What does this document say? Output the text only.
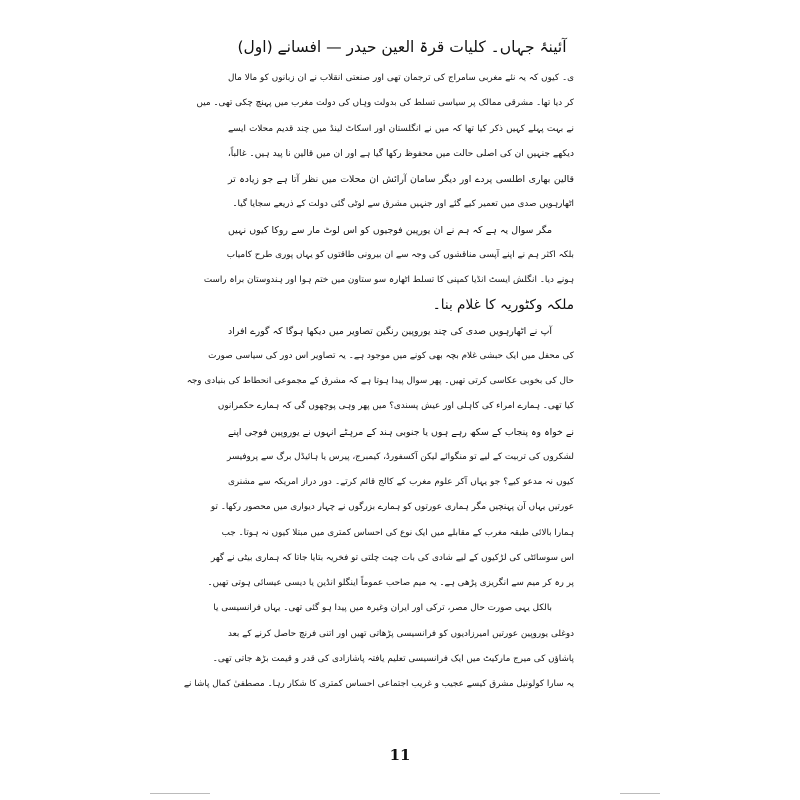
آئینۂ جہاں۔ کلیات قرۃ العین حیدر — افسانے (اول)
ی۔ کیوں کہ یہ نئے مغربی سامراج کی ترجمان تھی اور صنعتی انقلاب نے ان زبانوں کو مالا مال
کر دیا تھا۔ مشرقی ممالک پر سیاسی تسلط کی بدولت وہاں کی دولت مغرب میں پہنچ چکی تھی۔ میں
نے بہت پہلے کہیں ذکر کیا تھا کہ میں نے انگلستان اور اسکاٹ لینڈ میں چند قدیم محلات ایسے
دیکھے جنہیں ان کی اصلی حالت میں محفوظ رکھا گیا ہے اور ان میں قالین نا پید ہیں۔ غالباً،
قالین بھاری اطلسی پردے اور دیگر سامان آرائش ان محلات میں نظر آتا ہے جو زیادہ تر
اٹھارہویں صدی میں تعمیر کیے گئے اور جنہیں مشرق سے لوٹی گئی دولت کے ذریعے سجایا گیا۔
مگر سوال یہ ہے کہ ہم نے ان یورپین فوجیوں کو اس لوٹ مار سے روکا کیوں نہیں
بلکہ اکثر ہم نے اپنے آپسی مناقشوں کی وجہ سے ان بیرونی طاقتوں کو یہاں پوری طرح کامیاب
ہونے دیا۔ انگلش ایسٹ انڈیا کمپنی کا تسلط اٹھارہ سو ستاون میں ختم ہوا اور ہندوستان براہ راست
ملکہ وکٹوریہ کا غلام بنا۔
آپ نے اٹھارہویں صدی کی چند یوروپین رنگین تصاویر میں دیکھا ہوگا کہ گورے افراد
کی محفل میں ایک حبشی غلام بچہ بھی کونے میں موجود ہے۔ یہ تصاویر اس دور کی سیاسی صورت
حال کی بخوبی عکاسی کرتی تھیں۔ پھر سوال پیدا ہوتا ہے کہ مشرق کے مجموعی انحطاط کی بنیادی وجہ
کیا تھی۔ ہمارے امراء کی کاہلی اور عیش پسندی؟ میں پھر وہی پوچھوں گی کہ ہمارے حکمرانوں
نے خواہ وہ پنجاب کے سکھ رہے ہوں یا جنوبی ہند کے مرہٹے انہوں نے یوروپین فوجی اپنے
لشکروں کی تربیت کے لیے تو منگوائے لیکن آکسفورڈ، کیمبرج، پیرس یا ہائیڈل برگ سے پروفیسر
کیوں نہ مدعو کیے؟ جو یہاں آکر علوم مغرب کے کالج قائم کرتے۔ دور دراز امریکہ سے مشنری
عورتیں یہاں آن پہنچیں مگر ہماری عورتوں کو ہمارے بزرگوں نے چہار دیواری میں محصور رکھا۔ تو
ہمارا بالائی طبقہ مغرب کے مقابلے میں ایک نوع کی احساس کمتری میں مبتلا کیوں نہ ہوتا۔ جب
اس سوسائٹی کی لڑکیوں کے لیے شادی کی بات چیت چلتی تو فخریہ بتایا جاتا کہ ہماری بیٹی نے گھر
پر رہ کر میم سے انگریزی پڑھی ہے۔ یہ میم صاحب عموماً اینگلو انڈین یا دیسی عیسائی ہوتی تھیں۔
بالکل یہی صورت حال مصر، ترکی اور ایران وغیرہ میں پیدا ہو گئی تھی۔ یہاں فرانسیسی یا
دوغلی یوروپین عورتیں امیرزادیوں کو فرانسیسی پڑھاتی تھیں اور اتنی فرنچ حاصل کرنے کے بعد
پاشاؤں کی میرج مارکیٹ میں ایک فرانسیسی تعلیم یافتہ پاشازادی کی قدر و قیمت بڑھ جاتی تھی۔
یہ سارا کولونیل مشرق کیسے عجیب و غریب اجتماعی احساس کمتری کا شکار رہا۔ مصطفیٰ کمال پاشا نے
11
